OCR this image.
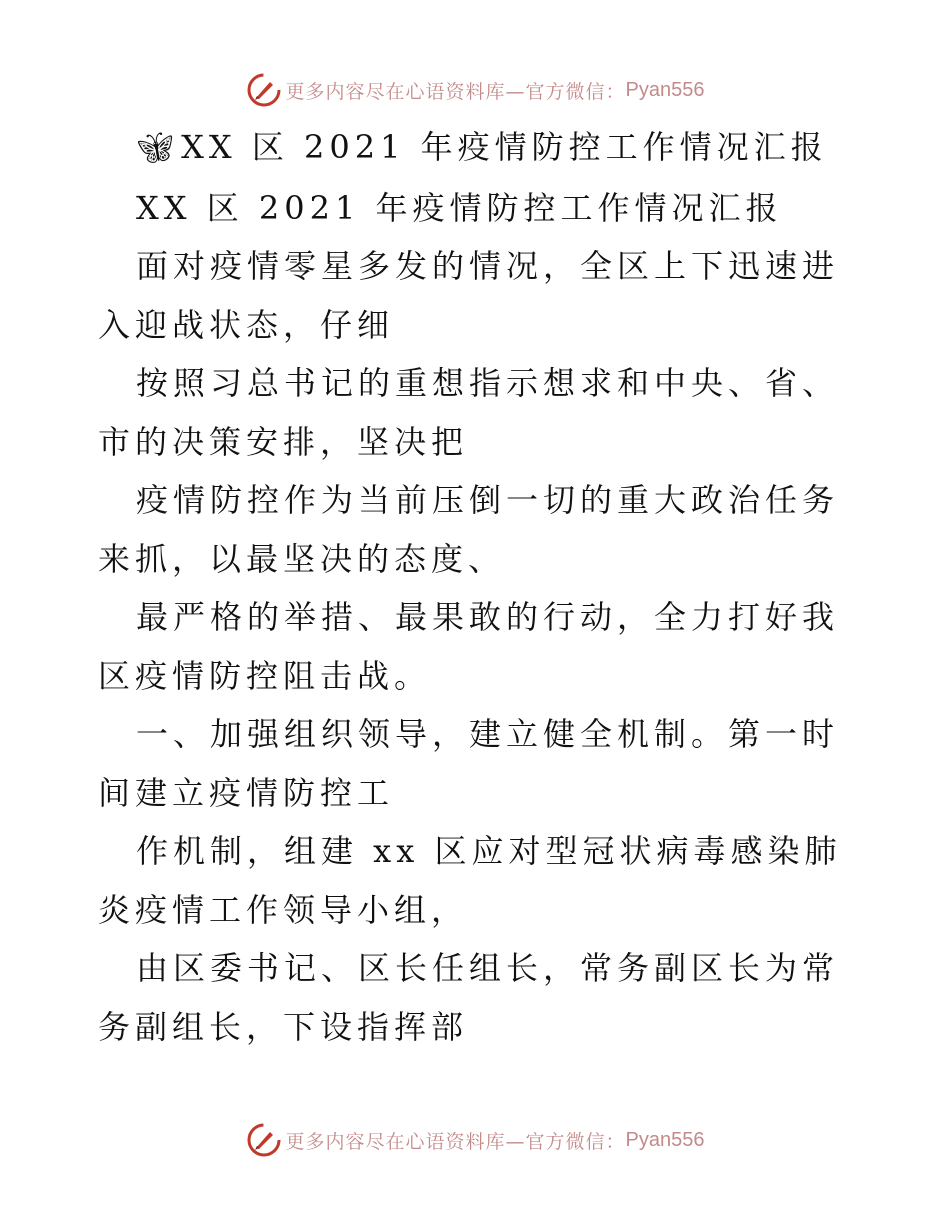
更多内容尽在心语资料库—官方微信： Pyan556

🦋︎XX 区 2021 年疫情防控工作情况汇报

XX 区 2021 年疫情防控工作情况汇报

面对疫情零星多发的情况，全区上下迅速进入迎战状态，仔细

按照习总书记的重想指示想求和中央、省、市的决策安排，坚决把

疫情防控作为当前压倒一切的重大政治任务来抓，以最坚决的态度、

最严格的举措、最果敢的行动，全力打好我区疫情防控阻击战。

一、加强组织领导，建立健全机制。第一时间建立疫情防控工

作机制，组建 xx 区应对型冠状病毒感染肺炎疫情工作领导小组，

由区委书记、区长任组长，常务副区长为常务副组长，下设指挥部

更多内容尽在心语资料库—官方微信： Pyan556
